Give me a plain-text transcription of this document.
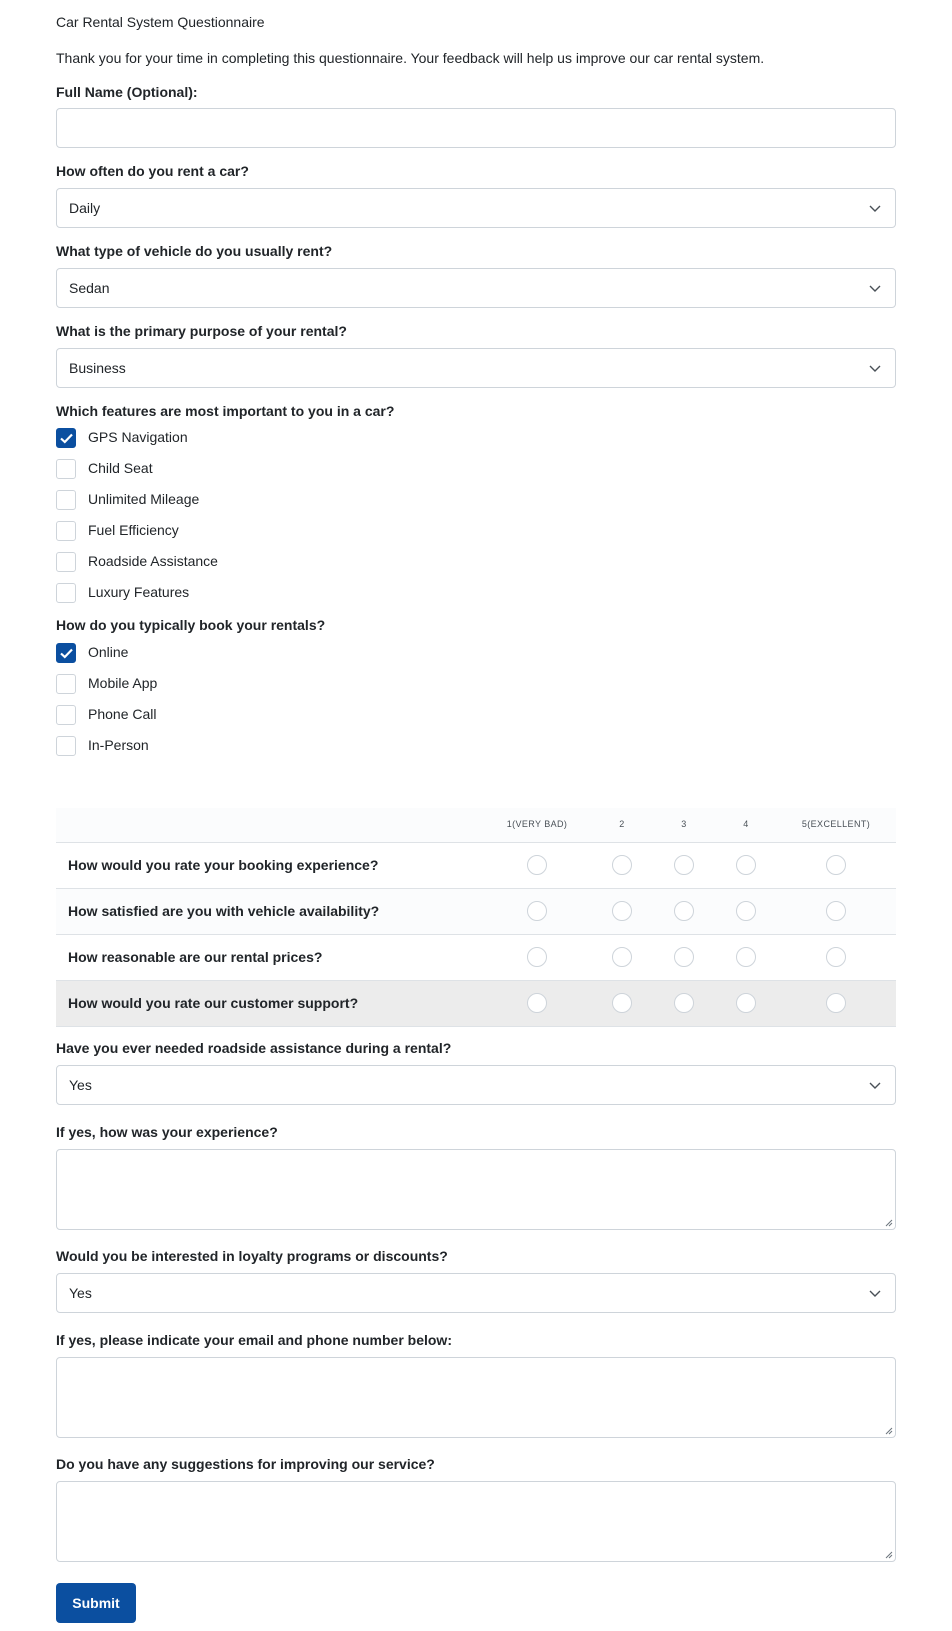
Car Rental System Questionnaire
Thank you for your time in completing this questionnaire. Your feedback will help us improve our car rental system.
Full Name (Optional):
How often do you rent a car?
Daily
What type of vehicle do you usually rent?
Sedan
What is the primary purpose of your rental?
Business
Which features are most important to you in a car?
GPS Navigation
Child Seat
Unlimited Mileage
Fuel Efficiency
Roadside Assistance
Luxury Features
How do you typically book your rentals?
Online
Mobile App
Phone Call
In-Person
1(VERY BAD)	2	3	4	5(EXCELLENT)
How would you rate your booking experience?
How satisfied are you with vehicle availability?
How reasonable are our rental prices?
How would you rate our customer support?
Have you ever needed roadside assistance during a rental?
Yes
If yes, how was your experience?
Would you be interested in loyalty programs or discounts?
Yes
If yes, please indicate your email and phone number below:
Do you have any suggestions for improving our service?
Submit
